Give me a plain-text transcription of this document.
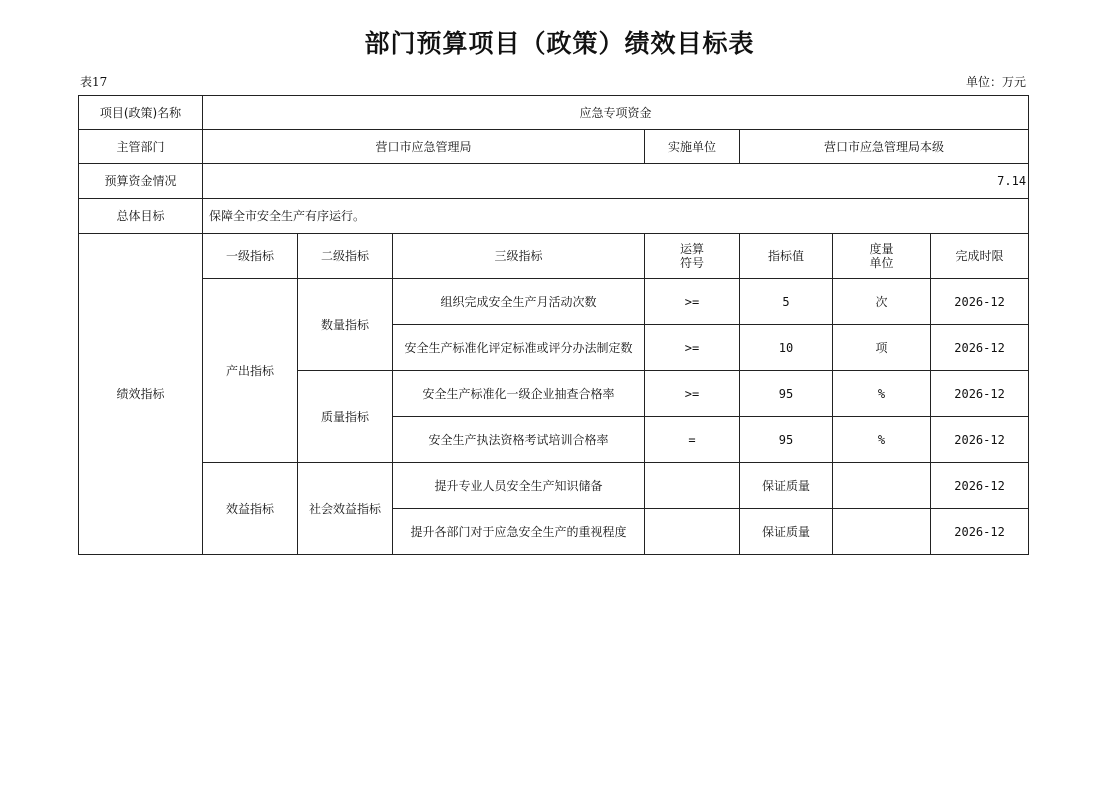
部门预算项目（政策）绩效目标表
表17	单位：万元
项目(政策)名称	应急专项资金						
主管部门	营口市应急管理局			实施单位	营口市应急管理局本级		
预算资金情况	7.14						
总体目标	保障全市安全生产有序运行。						
绩效指标	一级指标	二级指标	三级指标	运算符号	指标值	度量单位	完成时限
	产出指标	数量指标	组织完成安全生产月活动次数	>=	5	次	2026-12
			安全生产标准化评定标准或评分办法制定数	>=	10	项	2026-12
		质量指标	安全生产标准化一级企业抽查合格率	>=	95	%	2026-12
			安全生产执法资格考试培训合格率	=	95	%	2026-12
	效益指标	社会效益指标	提升专业人员安全生产知识储备		保证质量		2026-12
			提升各部门对于应急安全生产的重视程度		保证质量		2026-12
